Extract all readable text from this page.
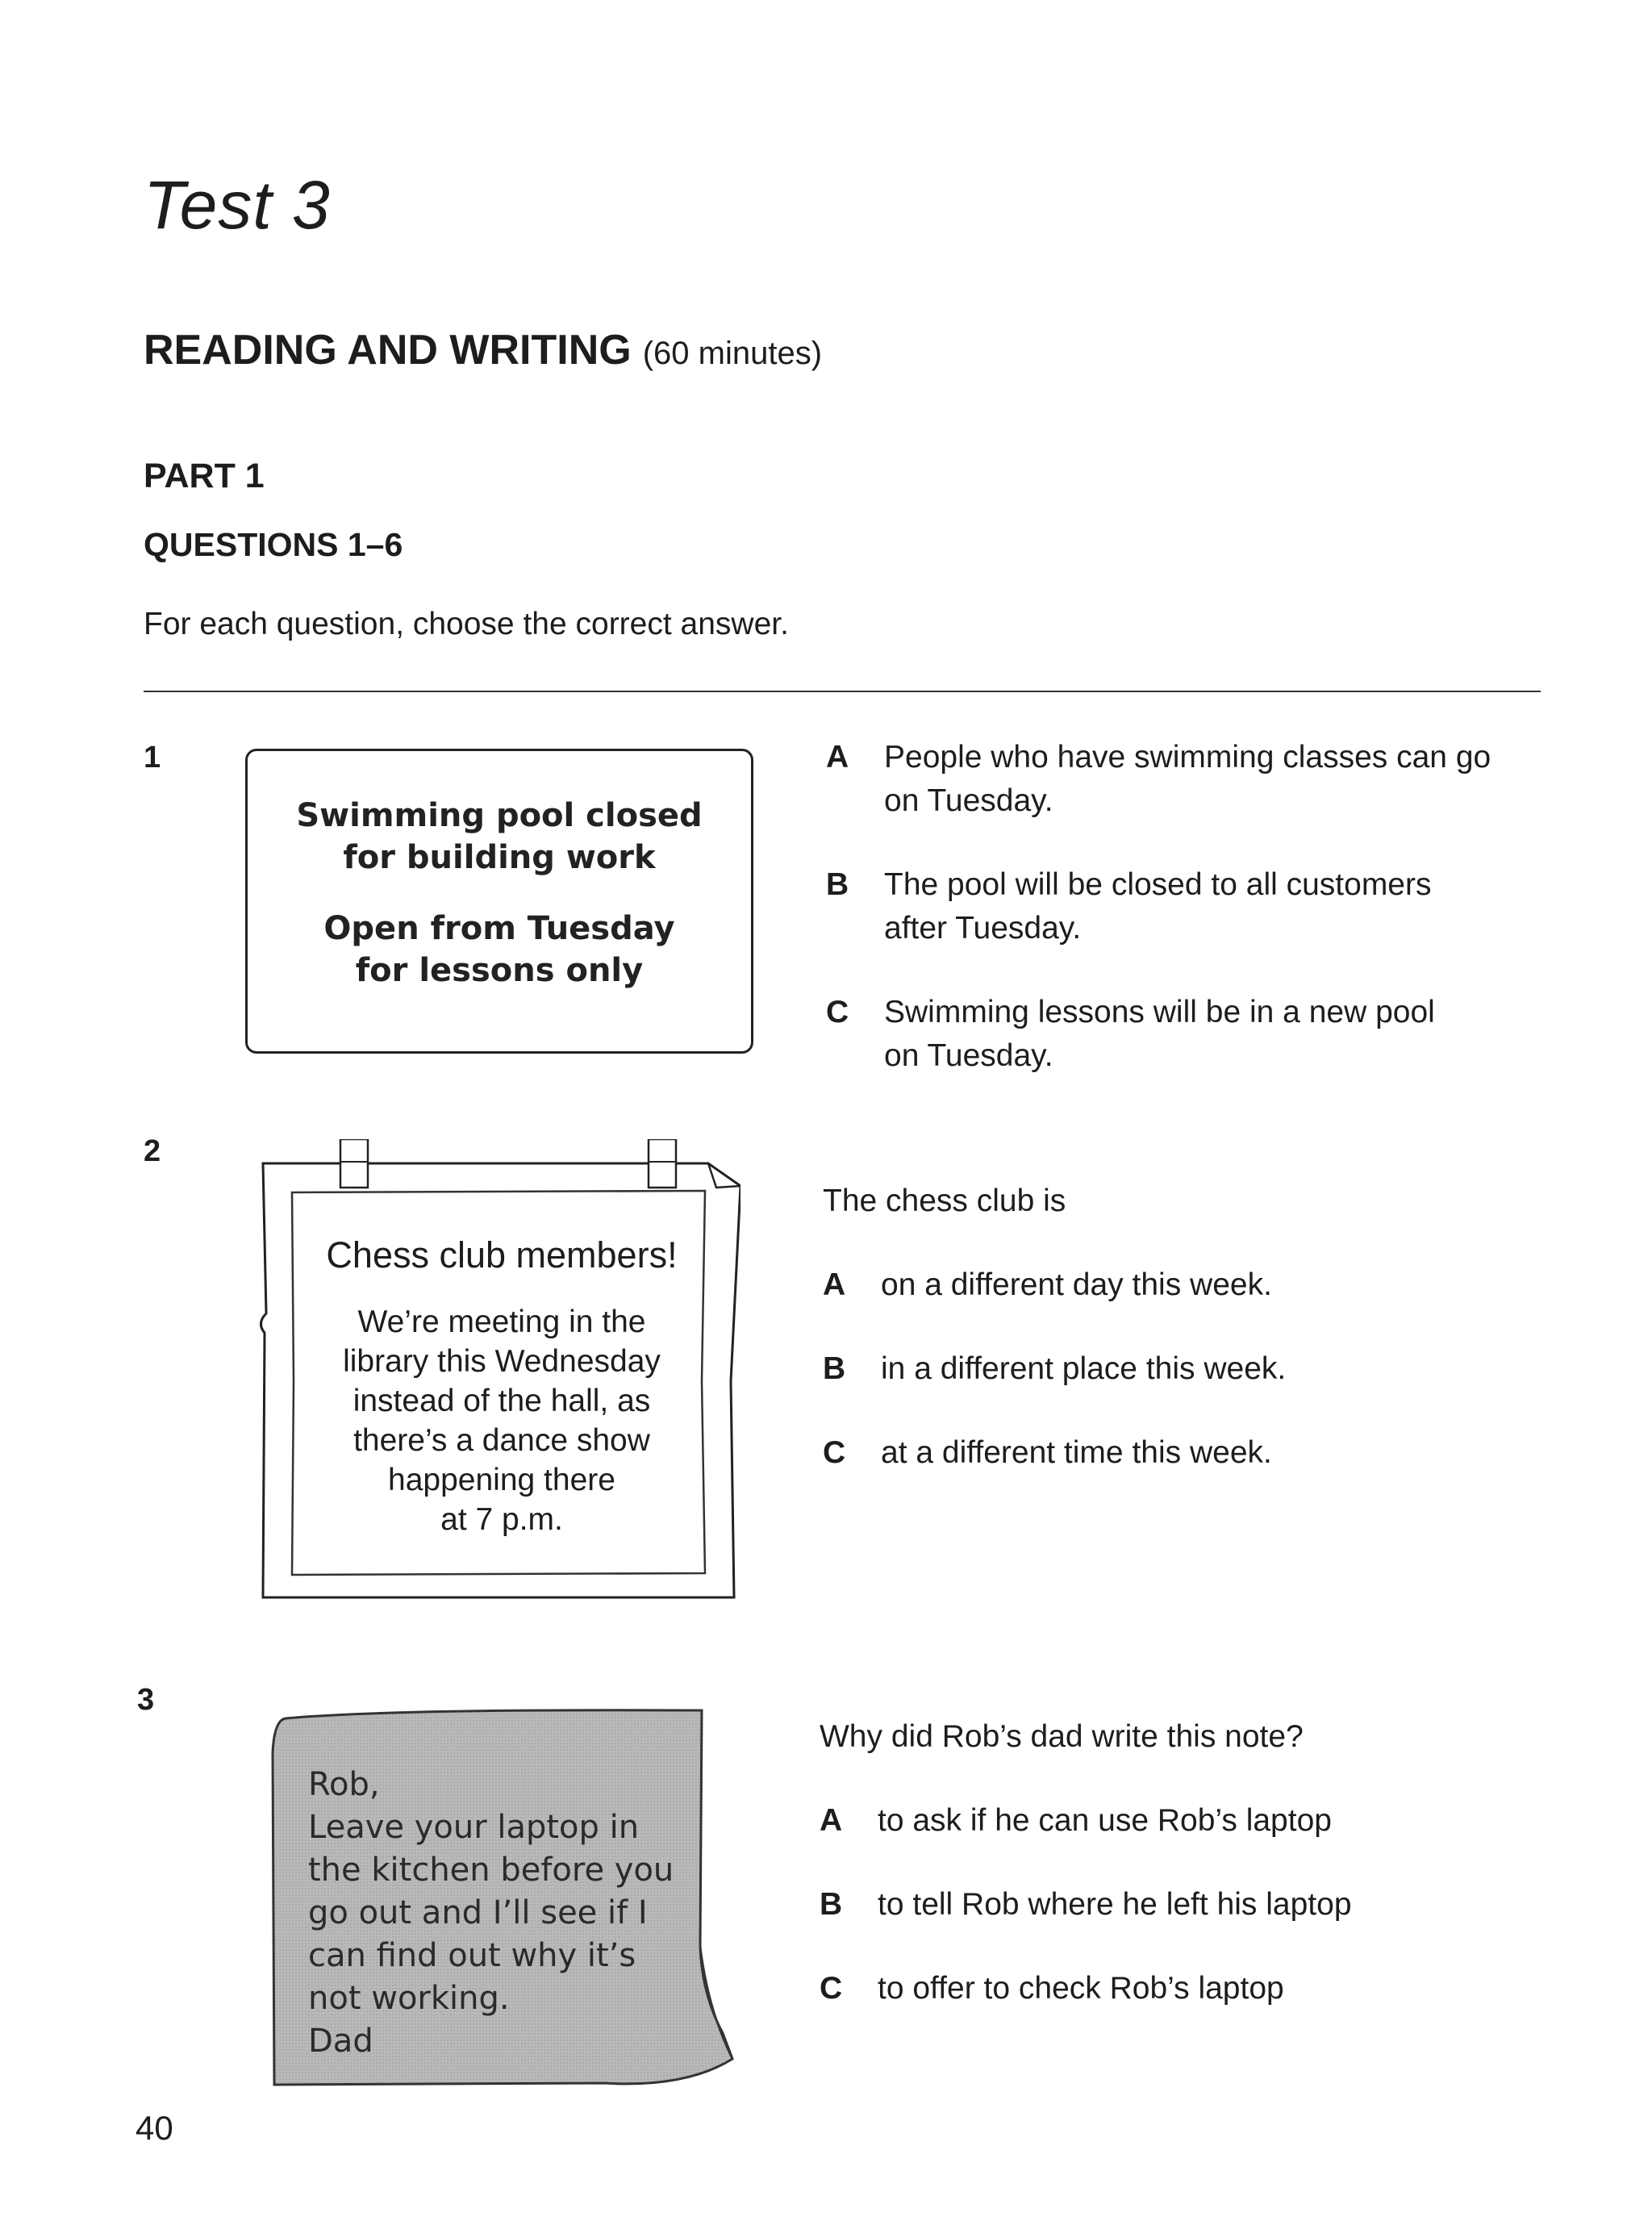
Test 3
READING AND WRITING (60 minutes)
PART 1
QUESTIONS 1–6
For each question, choose the correct answer.
1
Swimming pool closed
for building work
Open from Tuesday
for lessons only
A People who have swimming classes can go
on Tuesday.
B The pool will be closed to all customers
after Tuesday.
C Swimming lessons will be in a new pool
on Tuesday.
2
Chess club members!
We’re meeting in the
library this Wednesday
instead of the hall, as
there’s a dance show
happening there
at 7 p.m.
The chess club is
A on a different day this week.
B in a different place this week.
C at a different time this week.
3
Rob,
Leave your laptop in
the kitchen before you
go out and I’ll see if I
can find out why it’s
not working.
Dad
Why did Rob’s dad write this note?
A to ask if he can use Rob’s laptop
B to tell Rob where he left his laptop
C to offer to check Rob’s laptop
40
